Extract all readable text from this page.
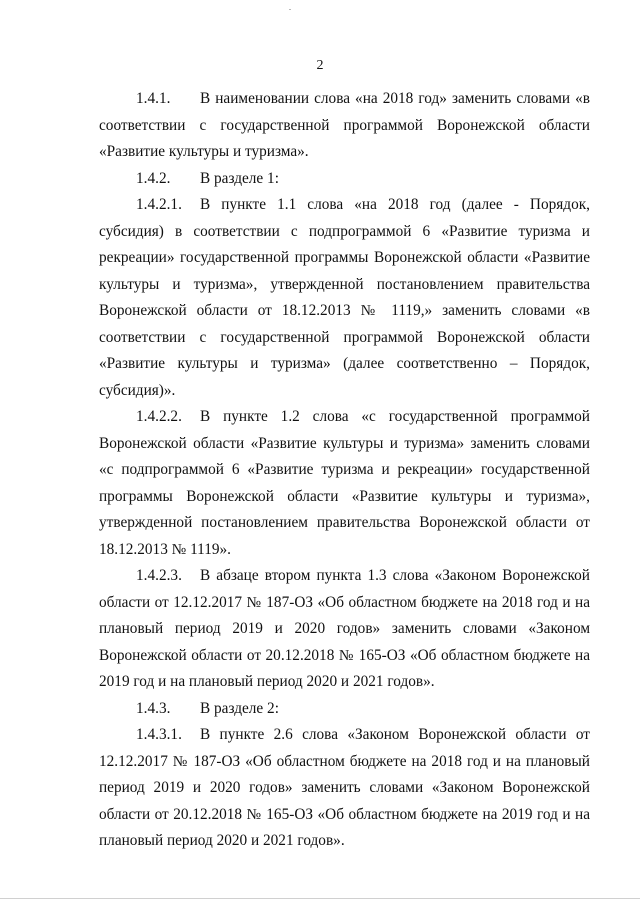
2

1.4.1. В наименовании слова «на 2018 год» заменить словами «в соответствии с государственной программой Воронежской области «Развитие культуры и туризма».

1.4.2. В разделе 1:

1.4.2.1. В пункте 1.1 слова «на 2018 год (далее - Порядок, субсидия) в соответствии с подпрограммой 6 «Развитие туризма и рекреации» государственной программы Воронежской области «Развитие культуры и туризма», утвержденной постановлением правительства Воронежской области от 18.12.2013 № 1119,» заменить словами «в соответствии с государственной программой Воронежской области «Развитие культуры и туризма» (далее соответственно – Порядок, субсидия)».

1.4.2.2. В пункте 1.2 слова «с государственной программой Воронежской области «Развитие культуры и туризма» заменить словами «с подпрограммой 6 «Развитие туризма и рекреации» государственной программы Воронежской области «Развитие культуры и туризма», утвержденной постановлением правительства Воронежской области от 18.12.2013 № 1119».

1.4.2.3. В абзаце втором пункта 1.3 слова «Законом Воронежской области от 12.12.2017 № 187-ОЗ «Об областном бюджете на 2018 год и на плановый период 2019 и 2020 годов» заменить словами «Законом Воронежской области от 20.12.2018 № 165-ОЗ «Об областном бюджете на 2019 год и на плановый период 2020 и 2021 годов».

1.4.3. В разделе 2:

1.4.3.1. В пункте 2.6 слова «Законом Воронежской области от 12.12.2017 № 187-ОЗ «Об областном бюджете на 2018 год и на плановый период 2019 и 2020 годов» заменить словами «Законом Воронежской области от 20.12.2018 № 165-ОЗ «Об областном бюджете на 2019 год и на плановый период 2020 и 2021 годов».
